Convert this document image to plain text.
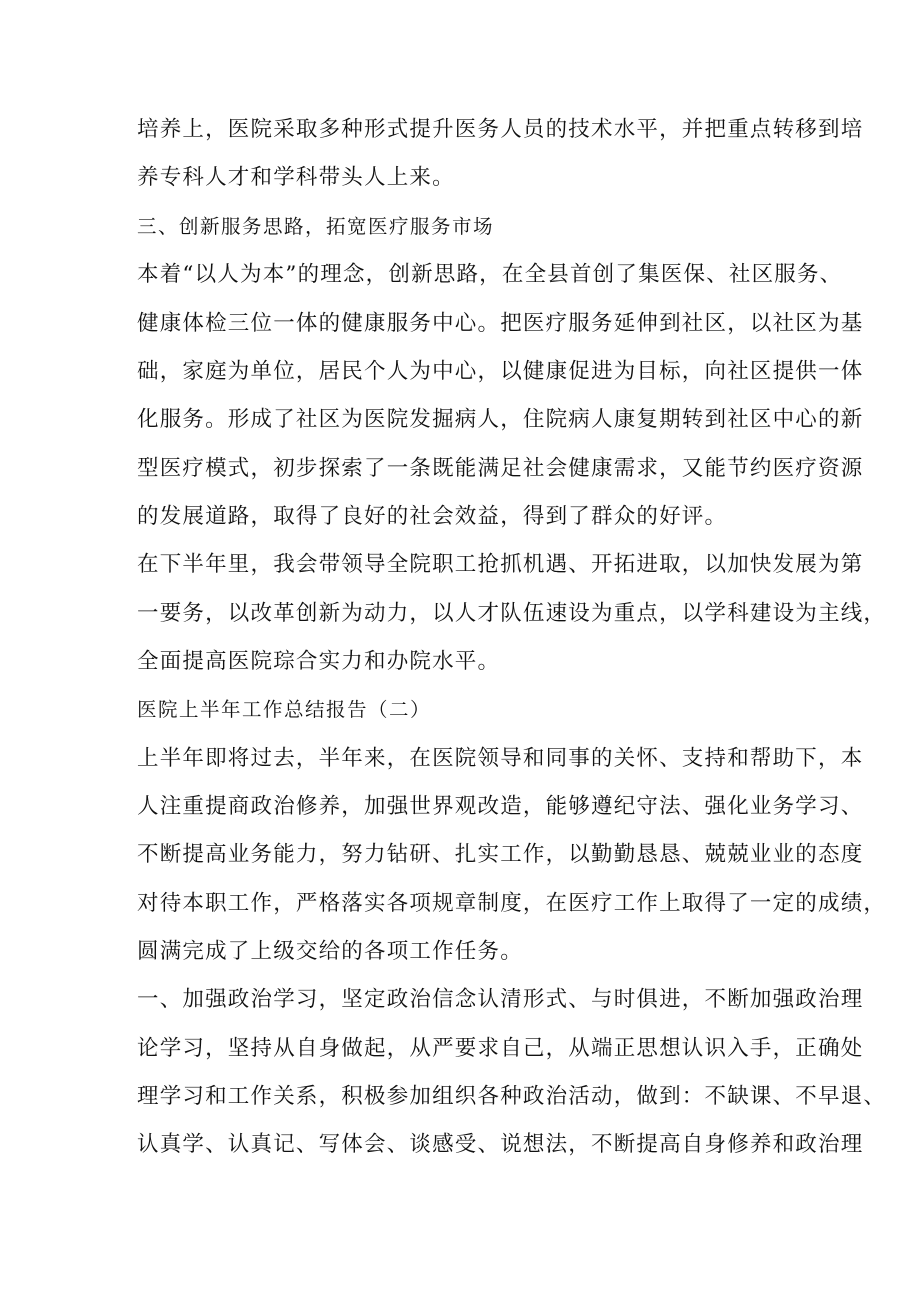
培养上，医院采取多种形式提升医务人员的技术水平，并把重点转移到培
养专科人才和学科带头人上来。
三、创新服务思路，拓宽医疗服务市场
本着“以人为本”的理念，创新思路，在全县首创了集医保、社区服务、
健康体检三位一体的健康服务中心。把医疗服务延伸到社区，以社区为基
础，家庭为单位，居民个人为中心，以健康促进为目标，向社区提供一体
化服务。形成了社区为医院发掘病人，住院病人康复期转到社区中心的新
型医疗模式，初步探索了一条既能满足社会健康需求，又能节约医疗资源
的发展道路，取得了良好的社会效益，得到了群众的好评。
在下半年里，我会带领导全院职工抢抓机遇、开拓进取，以加快发展为第
一要务，以改革创新为动力，以人才队伍速设为重点，以学科建设为主线，
全面提高医院琮合实力和办院水平。
医院上半年工作总结报告（二）
上半年即将过去，半年来，在医院领导和同事的关怀、支持和帮助下，本
人注重提商政治修养，加强世界观改造，能够遵纪守法、强化业务学习、
不断提高业务能力，努力钻研、扎实工作，以勤勤恳恳、兢兢业业的态度
对待本职工作，严格落实各项规章制度，在医疗工作上取得了一定的成绩，
圆满完成了上级交给的各项工作任务。
一、加强政治学习，坚定政治信念认清形式、与时俱进，不断加强政治理
论学习，坚持从自身做起，从严要求自己，从端正思想认识入手，正确处
理学习和工作关系，积极参加组织各种政治活动，做到：不缺课、不早退、
认真学、认真记、写体会、谈感受、说想法，不断提高自身修养和政治理
